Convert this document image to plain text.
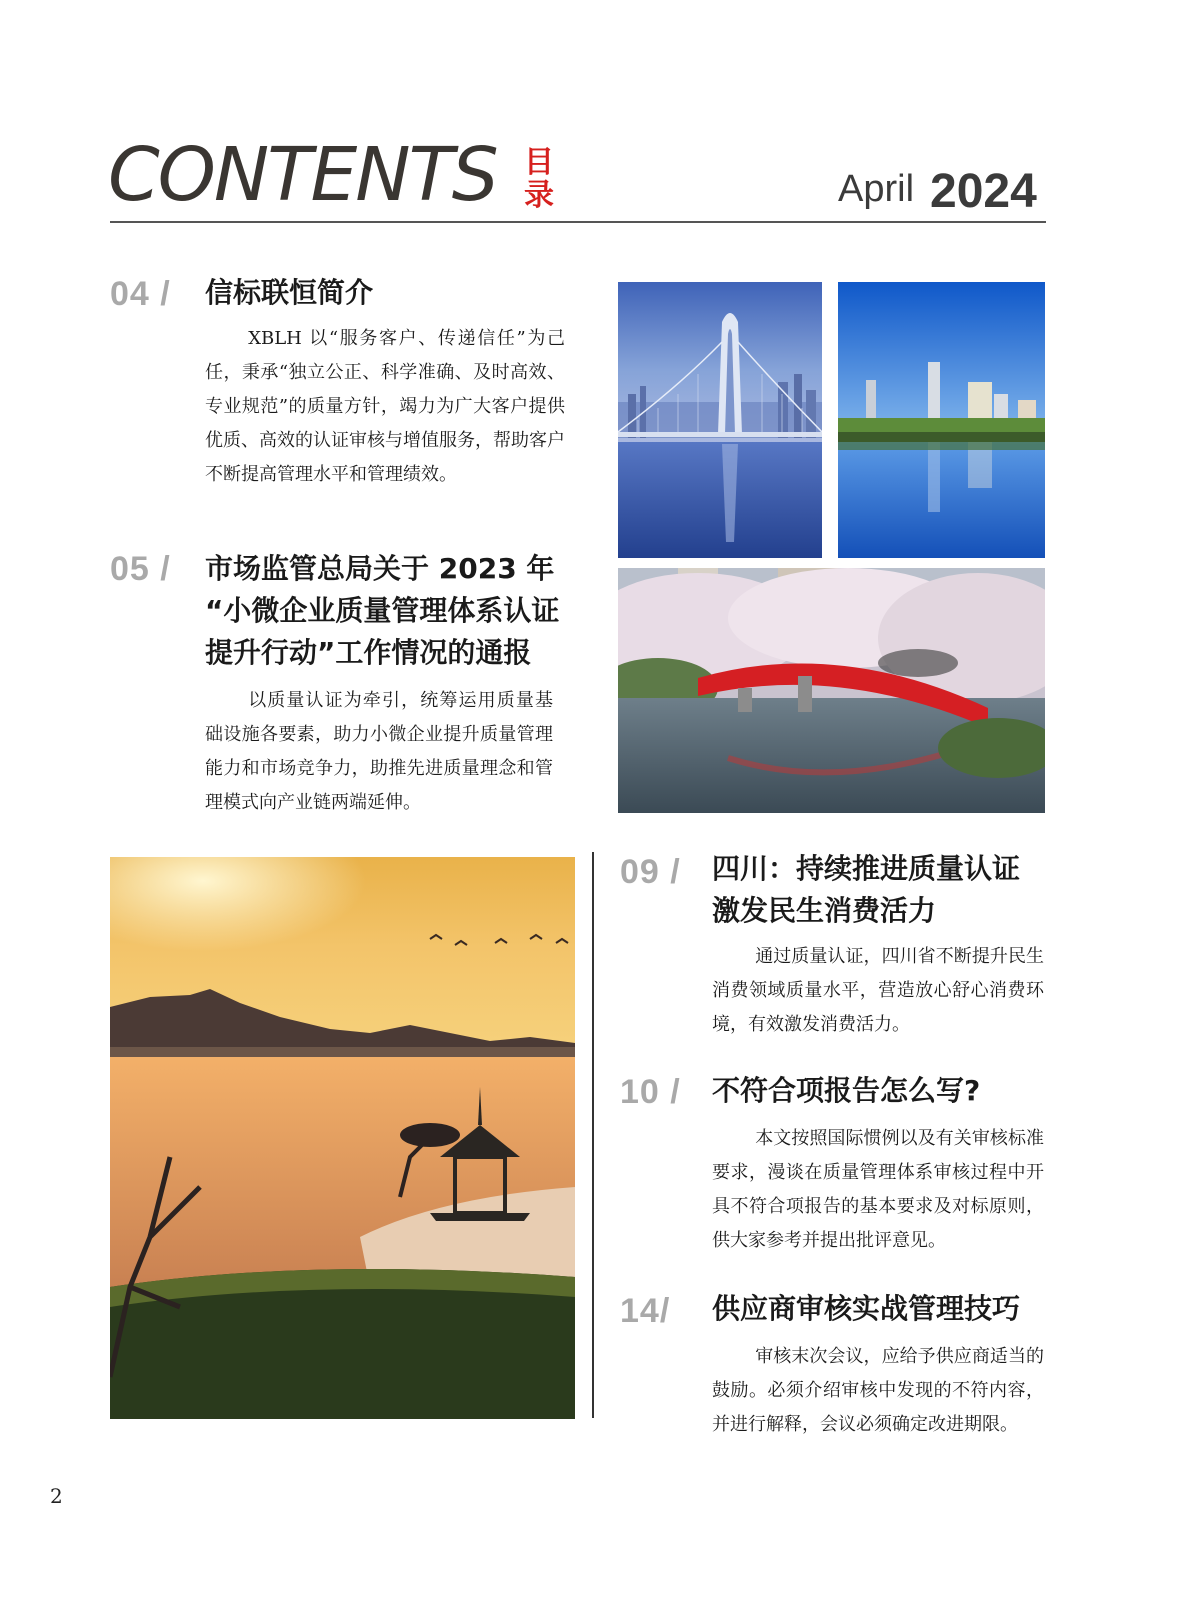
CONTENTS 目
录	April 2024
04 / 信标联恒简介
XBLH 以“服务客户、传递信任”为己任，秉承“独立公正、科学准确、及时高效、专业规范”的质量方针，竭力为广大客户提供优质、高效的认证审核与增值服务，帮助客户不断提高管理水平和管理绩效。
05 / 市场监管总局关于 2023 年
“小微企业质量管理体系认证
提升行动”工作情况的通报
以质量认证为牵引，统筹运用质量基础设施各要素，助力小微企业提升质量管理能力和市场竞争力，助推先进质量理念和管理模式向产业链两端延伸。
09 / 四川：持续推进质量认证
激发民生消费活力
通过质量认证，四川省不断提升民生消费领域质量水平，营造放心舒心消费环境，有效激发消费活力。
10 / 不符合项报告怎么写?
本文按照国际惯例以及有关审核标准要求，漫谈在质量管理体系审核过程中开具不符合项报告的基本要求及对标原则，供大家参考并提出批评意见。
14/ 供应商审核实战管理技巧
审核末次会议，应给予供应商适当的鼓励。必须介绍审核中发现的不符内容，并进行解释，会议必须确定改进期限。
2
